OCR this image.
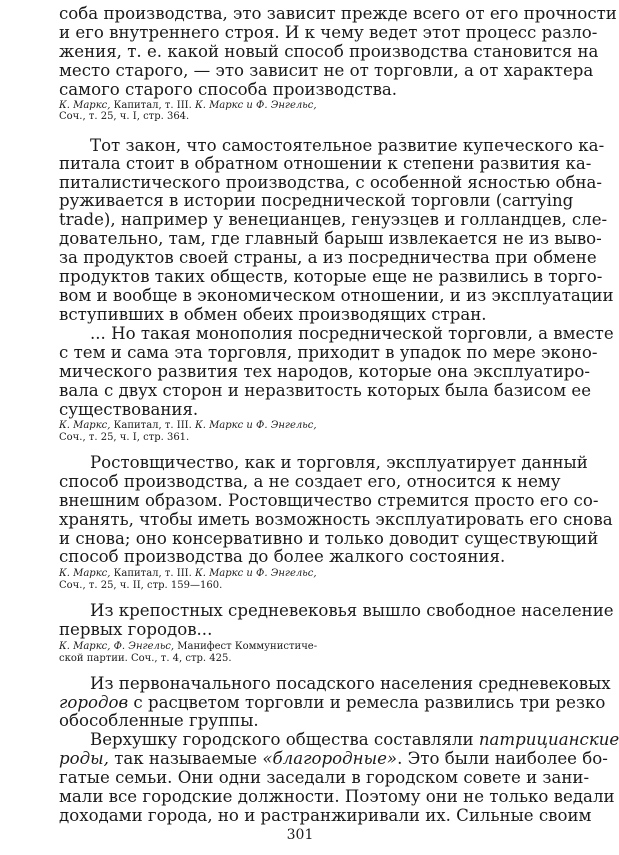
соба производства, это зависит прежде всего от его прочности
и его внутреннего строя. И к чему ведет этот процесс разло-
жения, т. е. какой новый способ производства становится на
место старого, — это зависит не от торговли, а от характера
самого старого способа производства.
К. Маркс, Капитал, т. III. К. Маркс и Ф. Энгельс,
Соч., т. 25, ч. I, стр. 364.
Тот закон, что самостоятельное развитие купеческого ка-
питала стоит в обратном отношении к степени развития ка-
питалистического производства, с особенной ясностью обна-
руживается в истории посреднической торговли (carrying
trade), например у венецианцев, генуэзцев и голландцев, сле-
довательно, там, где главный барыш извлекается не из выво-
за продуктов своей страны, а из посредничества при обмене
продуктов таких обществ, которые еще не развились в торго-
вом и вообще в экономическом отношении, и из эксплуатации
вступивших в обмен обеих производящих стран.
... Но такая монополия посреднической торговли, а вместе
с тем и сама эта торговля, приходит в упадок по мере эконо-
мического развития тех народов, которые она эксплуатиро-
вала с двух сторон и неразвитость которых была базисом ее
существования.
К. Маркс, Капитал, т. III. К. Маркс и Ф. Энгельс,
Соч., т. 25, ч. I, стр. 361.
Ростовщичество, как и торговля, эксплуатирует данный
способ производства, а не создает его, относится к нему
внешним образом. Ростовщичество стремится просто его со-
хранять, чтобы иметь возможность эксплуатировать его снова
и снова; оно консервативно и только доводит существующий
способ производства до более жалкого состояния.
К. Маркс, Капитал, т. III. К. Маркс и Ф. Энгельс,
Соч., т. 25, ч. II, стр. 159—160.
Из крепостных средневековья вышло свободное население
первых городов...
К. Маркс, Ф. Энгельс, Манифест Коммунистиче-
ской партии. Соч., т. 4, стр. 425.
Из первоначального посадского населения средневековых
городов с расцветом торговли и ремесла развились три резко
обособленные группы.
Верхушку городского общества составляли патрицианские
роды, так называемые «благородные». Это были наиболее бо-
гатые семьи. Они одни заседали в городском совете и зани-
мали все городские должности. Поэтому они не только ведали
доходами города, но и растранжиривали их. Сильные своим
301
